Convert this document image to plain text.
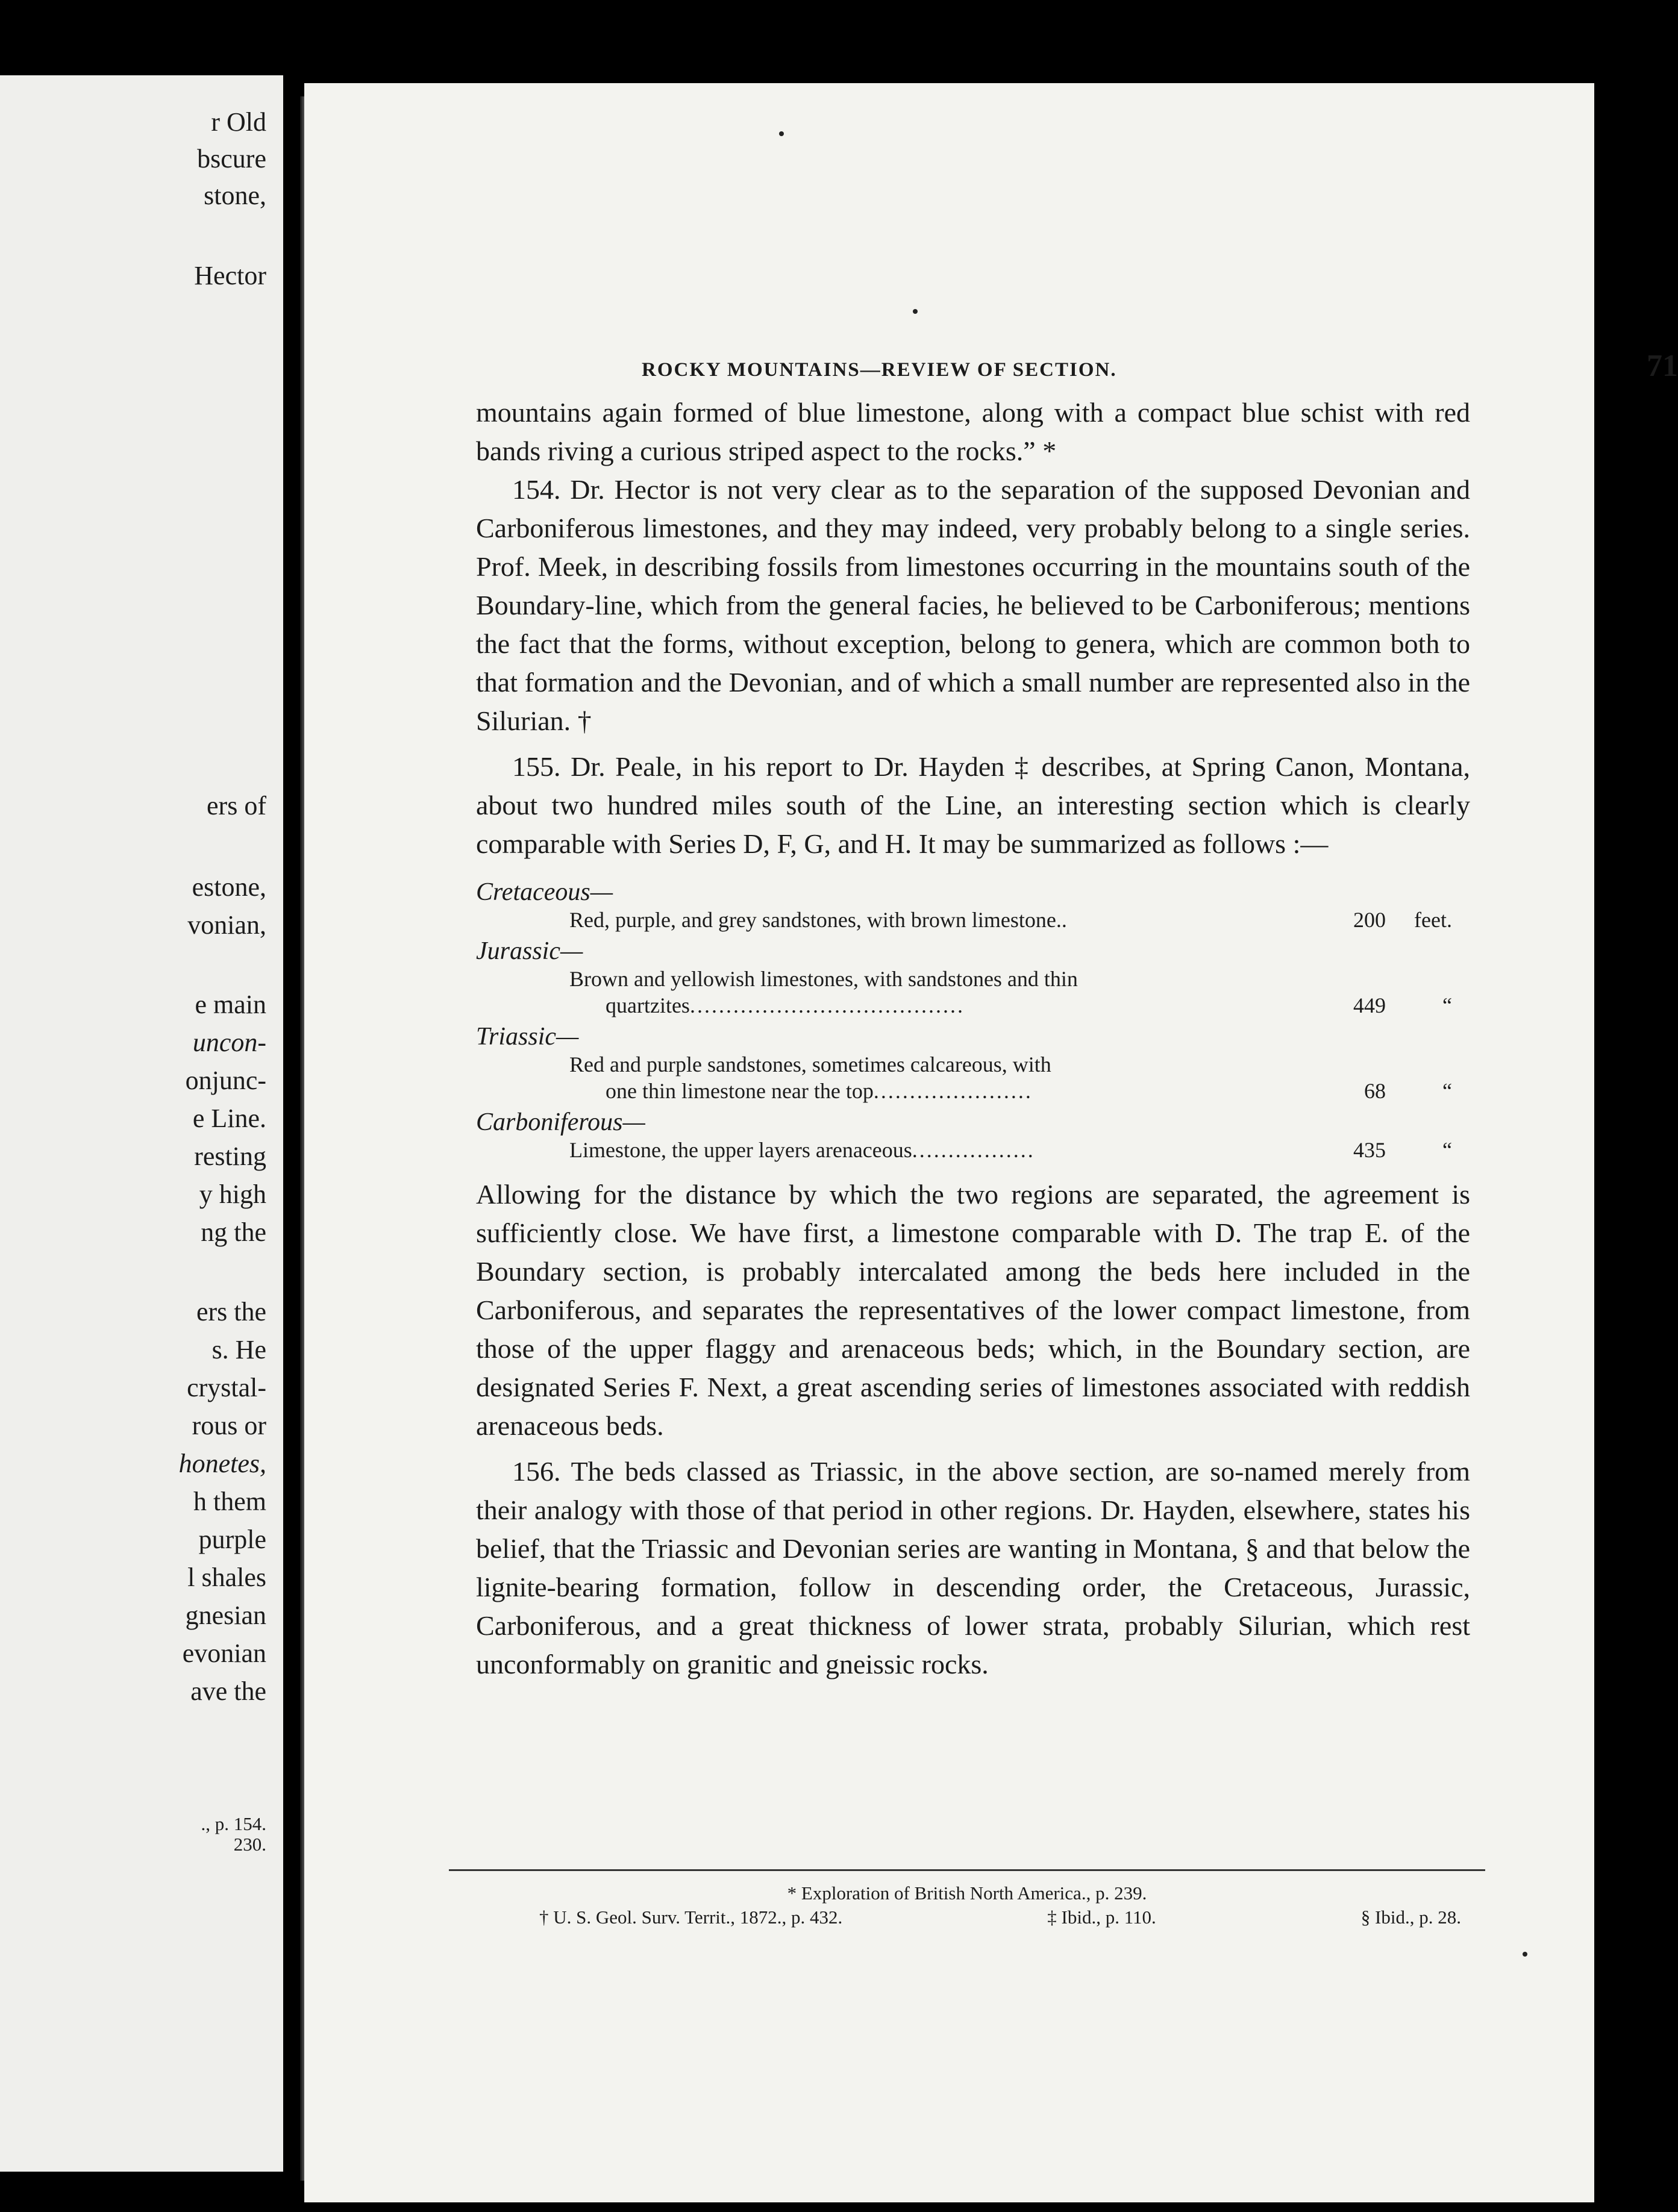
r Old
bscure
stone,
Hector
ers of
estone,
vonian,
e main
uncon-
onjunc-
e Line.
resting
y high
ng the
ers the
s. He
crystal-
rous or
honetes,
h them
purple
l shales
gnesian
evonian
ave the
., p. 154.
230.
ROCKY MOUNTAINS—REVIEW OF SECTION.	71

mountains again formed of blue limestone, along with a compact blue schist with red bands riving a curious striped aspect to the rocks.” *

154. Dr. Hector is not very clear as to the separation of the supposed Devonian and Carboniferous limestones, and they may indeed, very probably belong to a single series. Prof. Meek, in describing fossils from limestones occurring in the mountains south of the Boundary-line, which from the general facies, he believed to be Carboniferous; mentions the fact that the forms, without exception, belong to genera, which are common both to that formation and the Devonian, and of which a small number are represented also in the Silurian. †

155. Dr. Peale, in his report to Dr. Hayden ‡ describes, at Spring Canon, Montana, about two hundred miles south of the Line, an interesting section which is clearly comparable with Series D, F, G, and H. It may be summarized as follows :—

Cretaceous—
Red, purple, and grey sandstones, with brown limestone..	200	feet.
Jurassic—
Brown and yellowish limestones, with sandstones and thin
quartzites......................................	449	“
Triassic—
Red and purple sandstones, sometimes calcareous, with
one thin limestone near the top......................	68	“
Carboniferous—
Limestone, the upper layers arenaceous.................	435	“

Allowing for the distance by which the two regions are separated, the agreement is sufficiently close. We have first, a limestone comparable with D. The trap E. of the Boundary section, is probably intercalated among the beds here included in the Carboniferous, and separates the representatives of the lower compact limestone, from those of the upper flaggy and arenaceous beds; which, in the Boundary section, are designated Series F. Next, a great ascending series of limestones associated with reddish arenaceous beds.

156. The beds classed as Triassic, in the above section, are so-named merely from their analogy with those of that period in other regions. Dr. Hayden, elsewhere, states his belief, that the Triassic and Devonian series are wanting in Montana, § and that below the lignite-bearing formation, follow in descending order, the Cretaceous, Jurassic, Carboniferous, and a great thickness of lower strata, probably Silurian, which rest unconformably on granitic and gneissic rocks.

* Exploration of British North America., p. 239.
† U. S. Geol. Surv. Territ., 1872., p. 432.	‡ Ibid., p. 110.	§ Ibid., p. 28.
